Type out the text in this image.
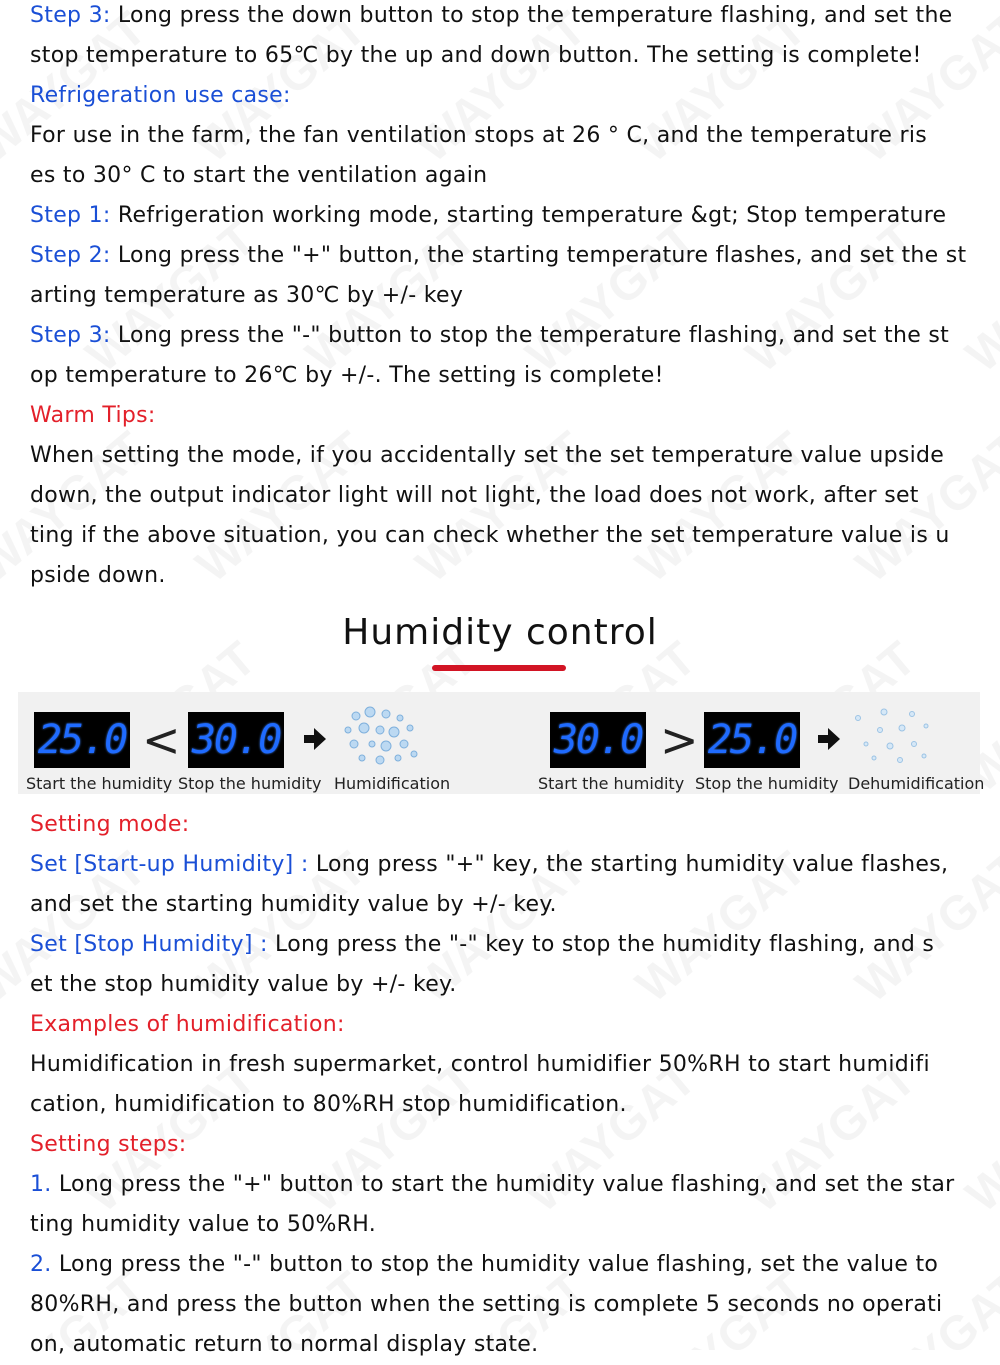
Step 3: Long press the down button to stop the temperature flashing, and set the
stop temperature to 65℃ by the up and down button. The setting is complete!
Refrigeration use case:
For use in the farm, the fan ventilation stops at 26 ° C, and the temperature ris
es to 30° C to start the ventilation again
Step 1: Refrigeration working mode, starting temperature &gt; Stop temperature
Step 2: Long press the "+" button, the starting temperature flashes, and set the st
arting temperature as 30℃ by +/- key
Step 3: Long press the "-" button to stop the temperature flashing, and set the st
op temperature to 26℃ by +/-. The setting is complete!
Warm Tips:
When setting the mode, if you accidentally set the set temperature value upside
down, the output indicator light will not light, the load does not work, after set
ting if the above situation, you can check whether the set temperature value is u
pside down.
Humidity control
25.0 < 30.0
Start the humidity Stop the humidity Humidification
30.0 > 25.0
Start the humidity Stop the humidity Dehumidification
Setting mode:
Set [Start-up Humidity] : Long press "+" key, the starting humidity value flashes,
and set the starting humidity value by +/- key.
Set [Stop Humidity] : Long press the "-" key to stop the humidity flashing, and s
et the stop humidity value by +/- key.
Examples of humidification:
Humidification in fresh supermarket, control humidifier 50%RH to start humidifi
cation, humidification to 80%RH stop humidification.
Setting steps:
1. Long press the "+" button to start the humidity value flashing, and set the star
ting humidity value to 50%RH.
2. Long press the "-" button to stop the humidity value flashing, set the value to
80%RH, and press the button when the setting is complete 5 seconds no operati
on, automatic return to normal display state.
